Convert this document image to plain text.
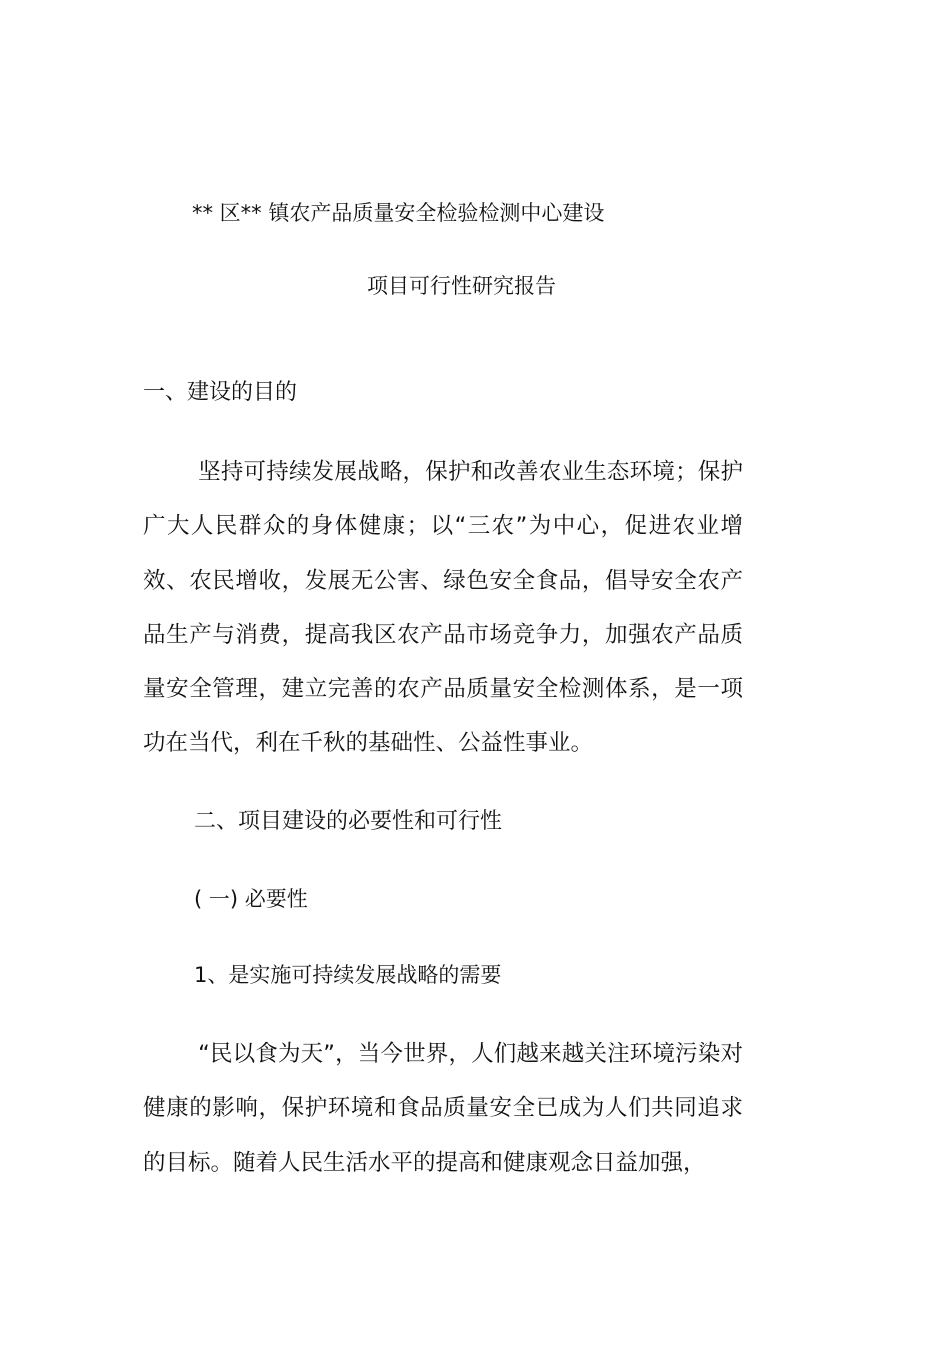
** 区** 镇农产品质量安全检验检测中心建设
项目可行性研究报告
一、建设的目的

坚持可持续发展战略，保护和改善农业生态环境；保护广大人民群众的身体健康；以“三农”为中心，促进农业增效、农民增收，发展无公害、绿色安全食品，倡导安全农产品生产与消费，提高我区农产品市场竞争力，加强农产品质量安全管理，建立完善的农产品质量安全检测体系，是一项功在当代，利在千秋的基础性、公益性事业。

二、项目建设的必要性和可行性
( 一) 必要性
1、是实施可持续发展战略的需要

“民以食为天”，当今世界，人们越来越关注环境污染对健康的影响，保护环境和食品质量安全已成为人们共同追求的目标。随着人民生活水平的提高和健康观念日益加强，
